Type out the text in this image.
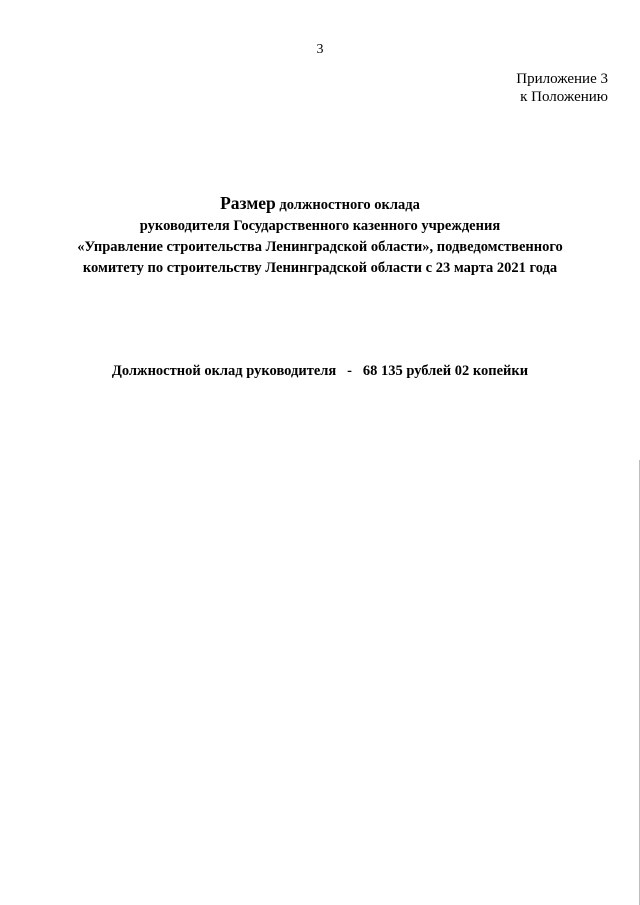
3
Приложение 3
к Положению
Размер должностного оклада
руководителя Государственного казенного учреждения
«Управление строительства Ленинградской области», подведомственного
комитету по строительству Ленинградской области с 23 марта 2021 года
Должностной оклад руководителя   -   68 135 рублей 02 копейки
